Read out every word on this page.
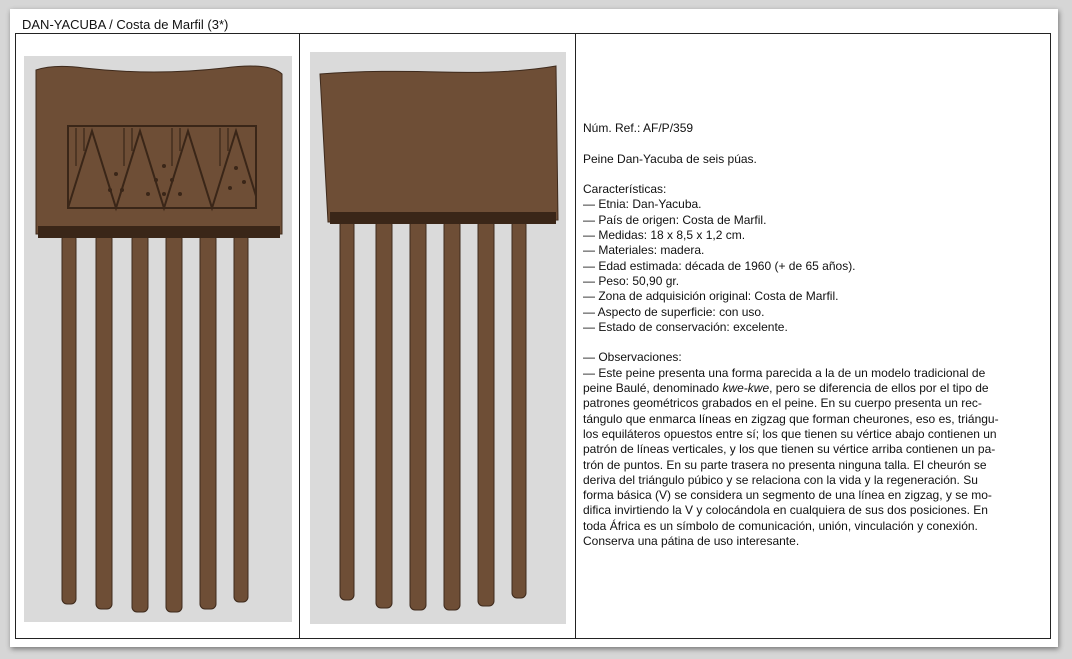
DAN-YACUBA / Costa de Marfil (3*)

Núm. Ref.: AF/P/359

Peine Dan-Yacuba de seis púas.

Características:

— Etnia: Dan-Yacuba.

— País de origen: Costa de Marfil.

— Medidas: 18 x 8,5 x 1,2 cm.

— Materiales: madera.

— Edad estimada: década de 1960 (+ de 65 años).

— Peso: 50,90 gr.

— Zona de adquisición original: Costa de Marfil.

— Aspecto de superficie: con uso.

— Estado de conservación: excelente.

— Observaciones:

— Este peine presenta una forma parecida a la de un modelo tradicional de

peine Baulé, denominado kwe-kwe, pero se diferencia de ellos por el tipo de

patrones geométricos grabados en el peine. En su cuerpo presenta un rec-

tángulo que enmarca líneas en zigzag que forman cheurones, eso es, triángu-

los equiláteros opuestos entre sí; los que tienen su vértice abajo contienen un

patrón de líneas verticales, y los que tienen su vértice arriba contienen un pa-

trón de puntos. En su parte trasera no presenta ninguna talla. El cheurón se

deriva del triángulo púbico y se relaciona con la vida y la regeneración. Su

forma básica (V) se considera un segmento de una línea en zigzag, y se mo-

difica invirtiendo la V y colocándola en cualquiera de sus dos posiciones. En

toda África es un símbolo de comunicación, unión, vinculación y conexión.

Conserva una pátina de uso interesante.
